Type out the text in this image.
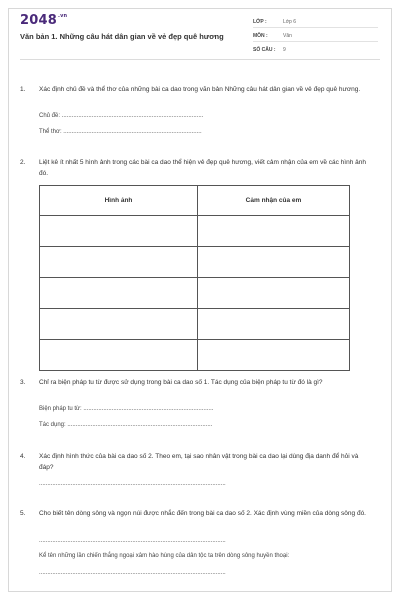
$2048^{.vn}$
Văn bản 1. Những câu hát dân gian về vẻ đẹp quê hương
LỚP :	Lớp 6
MÔN :	Văn
SỐ CÂU : 9
1. Xác định chủ đề và thể thơ của những bài ca dao trong văn bản Những câu hát dân gian về vẻ đẹp quê hương.
Chủ đề: .....................................................................................
Thể thơ: ...................................................................................
2. Liệt kê ít nhất 5 hình ảnh trong các bài ca dao thể hiện vẻ đẹp quê hương, viết cảm nhận của em về các hình ảnh đó.
Hình ảnh	Cảm nhận của em

3. Chỉ ra biện pháp tu từ được sử dụng trong bài ca dao số 1. Tác dụng của biện pháp tu từ đó là gì?
Biện pháp tu từ: ..............................................................................
Tác dụng: .......................................................................................
4. Xác định hình thức của bài ca dao số 2. Theo em, tại sao nhân vật trong bài ca dao lại dùng địa danh để hỏi và đáp?
................................................................................................................
5. Cho biết tên dòng sông và ngọn núi được nhắc đến trong bài ca dao số 2. Xác định vùng miền của dòng sông đó.
................................................................................................................
Kể tên những lần chiến thắng ngoại xâm hào hùng của dân tộc ta trên dòng sông huyền thoại:
................................................................................................................
